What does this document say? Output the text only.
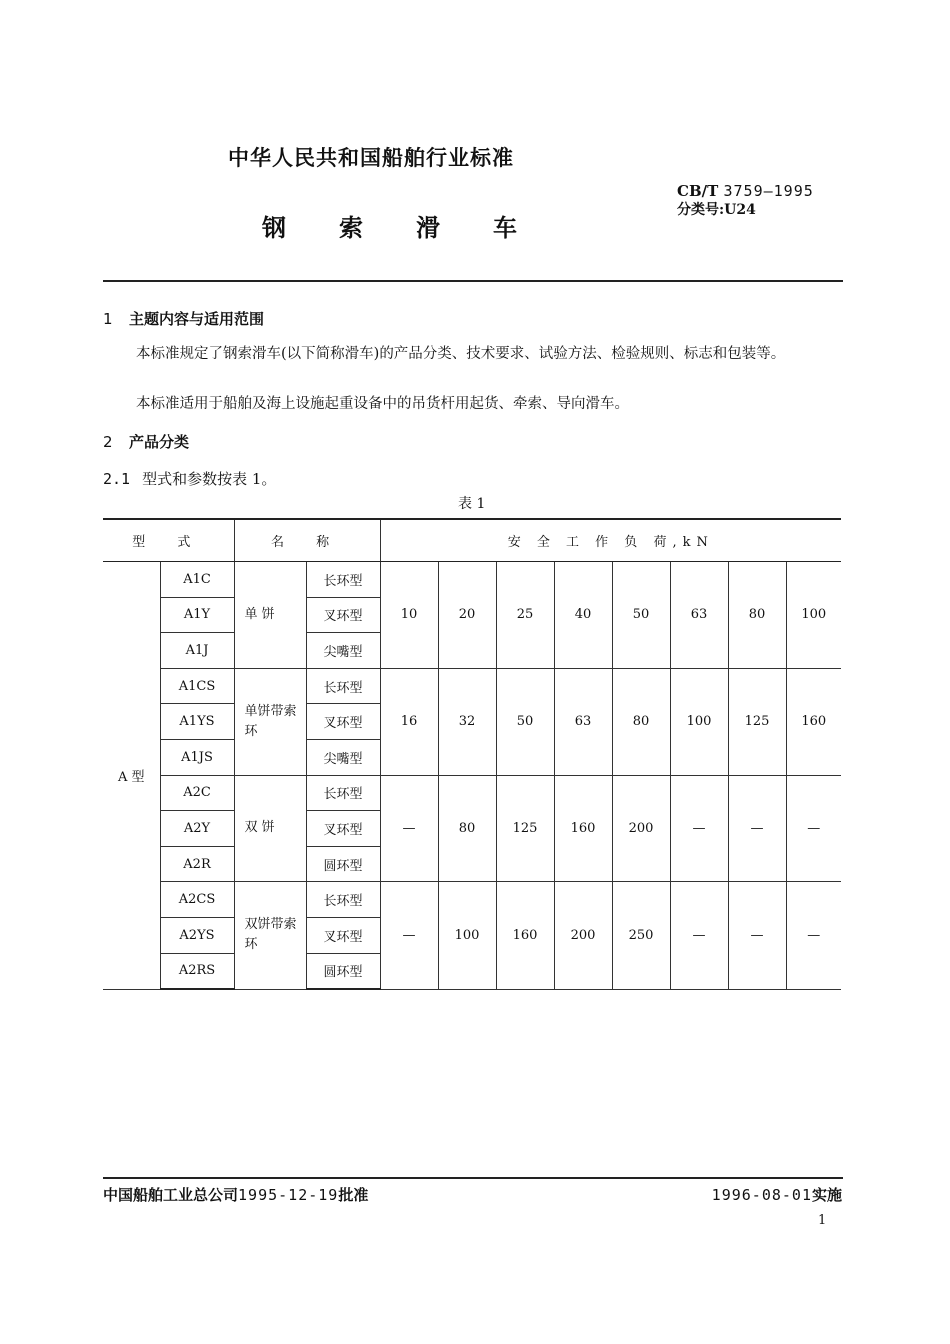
中华人民共和国船舶行业标准
钢 索 滑 车
CB/T 3759—1995
分类号:U24
1 主题内容与适用范围
本标准规定了钢索滑车(以下简称滑车)的产品分类、技术要求、试验方法、检验规则、标志和包装等。
本标准适用于船舶及海上设施起重设备中的吊货杆用起货、牵索、导向滑车。
2 产品分类
2.1 型式和参数按表 1。
表 1
型 式		名 称		安 全 工 作 负 荷,kN							
A 型	A1C	单 饼	长环型	10	20	25	40	50	63	80	100
	A1Y		叉环型								
	A1J		尖嘴型								
	A1CS	单饼带索环	长环型	16	32	50	63	80	100	125	160
	A1YS		叉环型								
	A1JS		尖嘴型								
	A2C	双 饼	长环型	—	80	125	160	200	—	—	—
	A2Y		叉环型								
	A2R		圆环型								
	A2CS	双饼带索环	长环型	—	100	160	200	250	—	—	—
	A2YS		叉环型								
	A2RS		圆环型								
中国船舶工业总公司1995-12-19批准	1996-08-01实施
1
